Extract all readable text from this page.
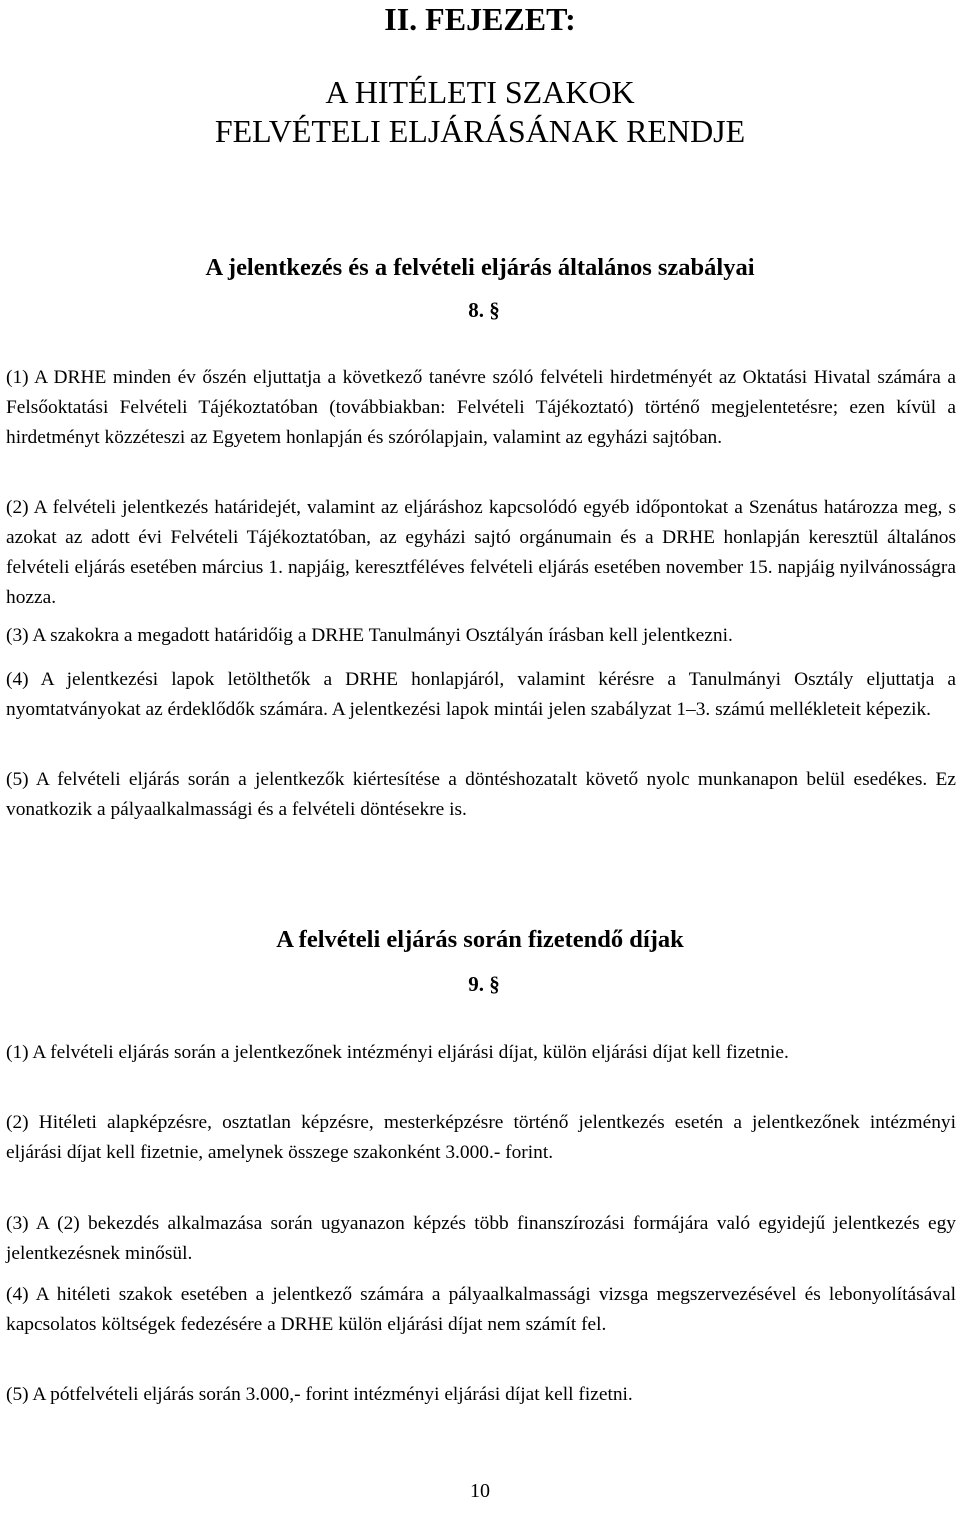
II. FEJEZET:
A HITÉLETI SZAKOK
FELVÉTELI ELJÁRÁSÁNAK RENDJE
A jelentkezés és a felvételi eljárás általános szabályai
8. §

(1) A DRHE minden év őszén eljuttatja a következő tanévre szóló felvételi hirdetményét az Oktatási Hivatal számára a Felsőoktatási Felvételi Tájékoztatóban (továbbiakban: Felvételi Tájékoztató) történő megjelentetésre; ezen kívül a hirdetményt közzéteszi az Egyetem honlapján és szórólapjain, valamint az egyházi sajtóban.

(2) A felvételi jelentkezés határidejét, valamint az eljáráshoz kapcsolódó egyéb időpontokat a Szenátus határozza meg, s azokat az adott évi Felvételi Tájékoztatóban, az egyházi sajtó orgánumain és a DRHE honlapján keresztül általános felvételi eljárás esetében március 1. napjáig, keresztféléves felvételi eljárás esetében november 15. napjáig nyilvánosságra hozza.

(3) A szakokra a megadott határidőig a DRHE Tanulmányi Osztályán írásban kell jelentkezni.

(4) A jelentkezési lapok letölthetők a DRHE honlapjáról, valamint kérésre a Tanulmányi Osztály eljuttatja a nyomtatványokat az érdeklődők számára. A jelentkezési lapok mintái jelen szabályzat 1–3. számú mellékleteit képezik.

(5) A felvételi eljárás során a jelentkezők kiértesítése a döntéshozatalt követő nyolc munkanapon belül esedékes. Ez vonatkozik a pályaalkalmassági és a felvételi döntésekre is.

A felvételi eljárás során fizetendő díjak
9. §

(1) A felvételi eljárás során a jelentkezőnek intézményi eljárási díjat, külön eljárási díjat kell fizetnie.

(2) Hitéleti alapképzésre, osztatlan képzésre, mesterképzésre történő jelentkezés esetén a jelentkezőnek intézményi eljárási díjat kell fizetnie, amelynek összege szakonként 3.000.- forint.

(3) A (2) bekezdés alkalmazása során ugyanazon képzés több finanszírozási formájára való egyidejű jelentkezés egy jelentkezésnek minősül.

(4) A hitéleti szakok esetében a jelentkező számára a pályaalkalmassági vizsga megszervezésével és lebonyolításával kapcsolatos költségek fedezésére a DRHE külön eljárási díjat nem számít fel.

(5) A pótfelvételi eljárás során 3.000,- forint intézményi eljárási díjat kell fizetni.

10
